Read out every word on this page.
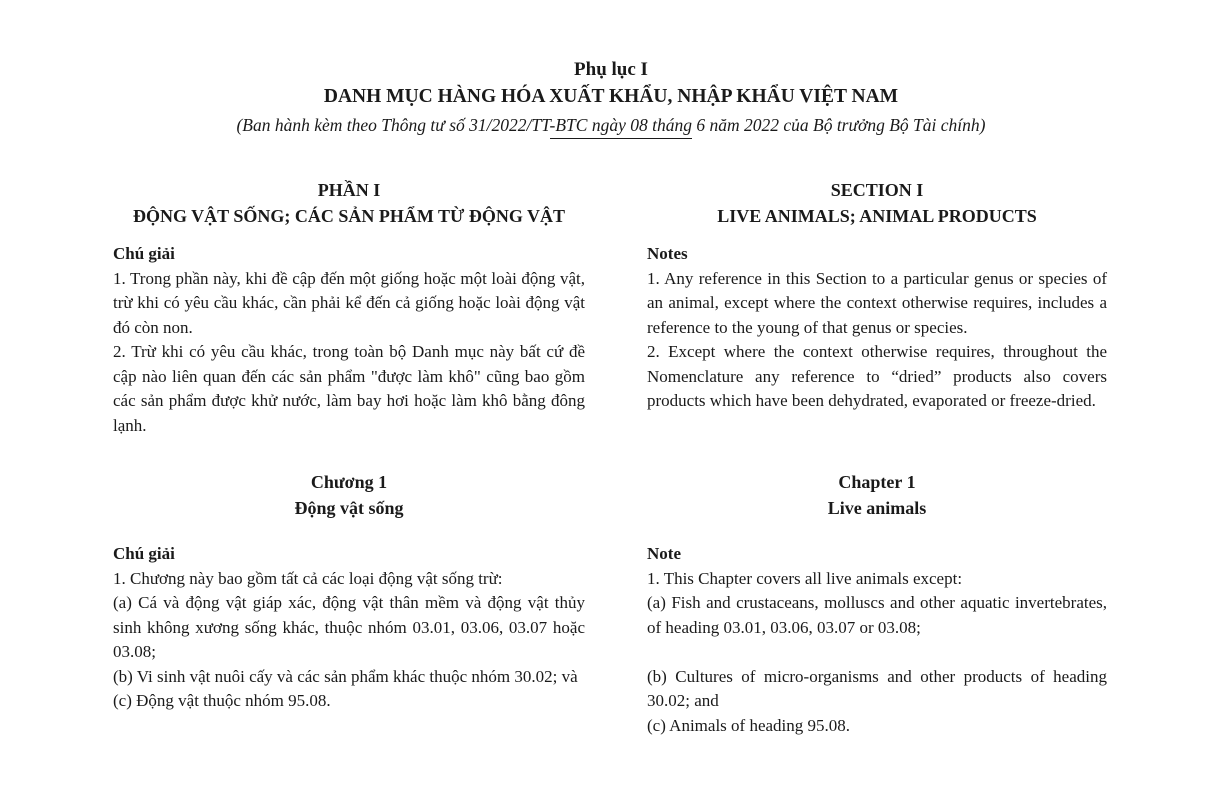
Phụ lục I
DANH MỤC HÀNG HÓA XUẤT KHẨU, NHẬP KHẨU VIỆT NAM
(Ban hành kèm theo Thông tư số 31/2022/TT-BTC ngày 08 tháng 6 năm 2022 của Bộ trưởng Bộ Tài chính)
PHẦN I
ĐỘNG VẬT SỐNG; CÁC SẢN PHẨM TỪ ĐỘNG VẬT
SECTION I
LIVE ANIMALS; ANIMAL PRODUCTS
Chú giải

1. Trong phần này, khi đề cập đến một giống hoặc một loài động vật, trừ khi có yêu cầu khác, cần phải kể đến cả giống hoặc loài động vật đó còn non.

2. Trừ khi có yêu cầu khác, trong toàn bộ Danh mục này bất cứ đề cập nào liên quan đến các sản phẩm "được làm khô" cũng bao gồm các sản phẩm được khử nước, làm bay hơi hoặc làm khô bằng đông lạnh.

Notes

1. Any reference in this Section to a particular genus or species of an animal, except where the context otherwise requires, includes a reference to the young of that genus or species.

2. Except where the context otherwise requires, throughout the Nomenclature any reference to “dried” products also covers products which have been dehydrated, evaporated or freeze-dried.

Chương 1
Động vật sống
Chapter 1
Live animals
Chú giải

1. Chương này bao gồm tất cả các loại động vật sống trừ:

(a) Cá và động vật giáp xác, động vật thân mềm và động vật thủy sinh không xương sống khác, thuộc nhóm 03.01, 03.06, 03.07 hoặc 03.08;

(b) Vi sinh vật nuôi cấy và các sản phẩm khác thuộc nhóm 30.02; và

(c) Động vật thuộc nhóm 95.08.

Note

1. This Chapter covers all live animals except:

(a) Fish and crustaceans, molluscs and other aquatic invertebrates, of heading 03.01, 03.06, 03.07 or 03.08;

(b) Cultures of micro-organisms and other products of heading 30.02; and

(c) Animals of heading 95.08.
